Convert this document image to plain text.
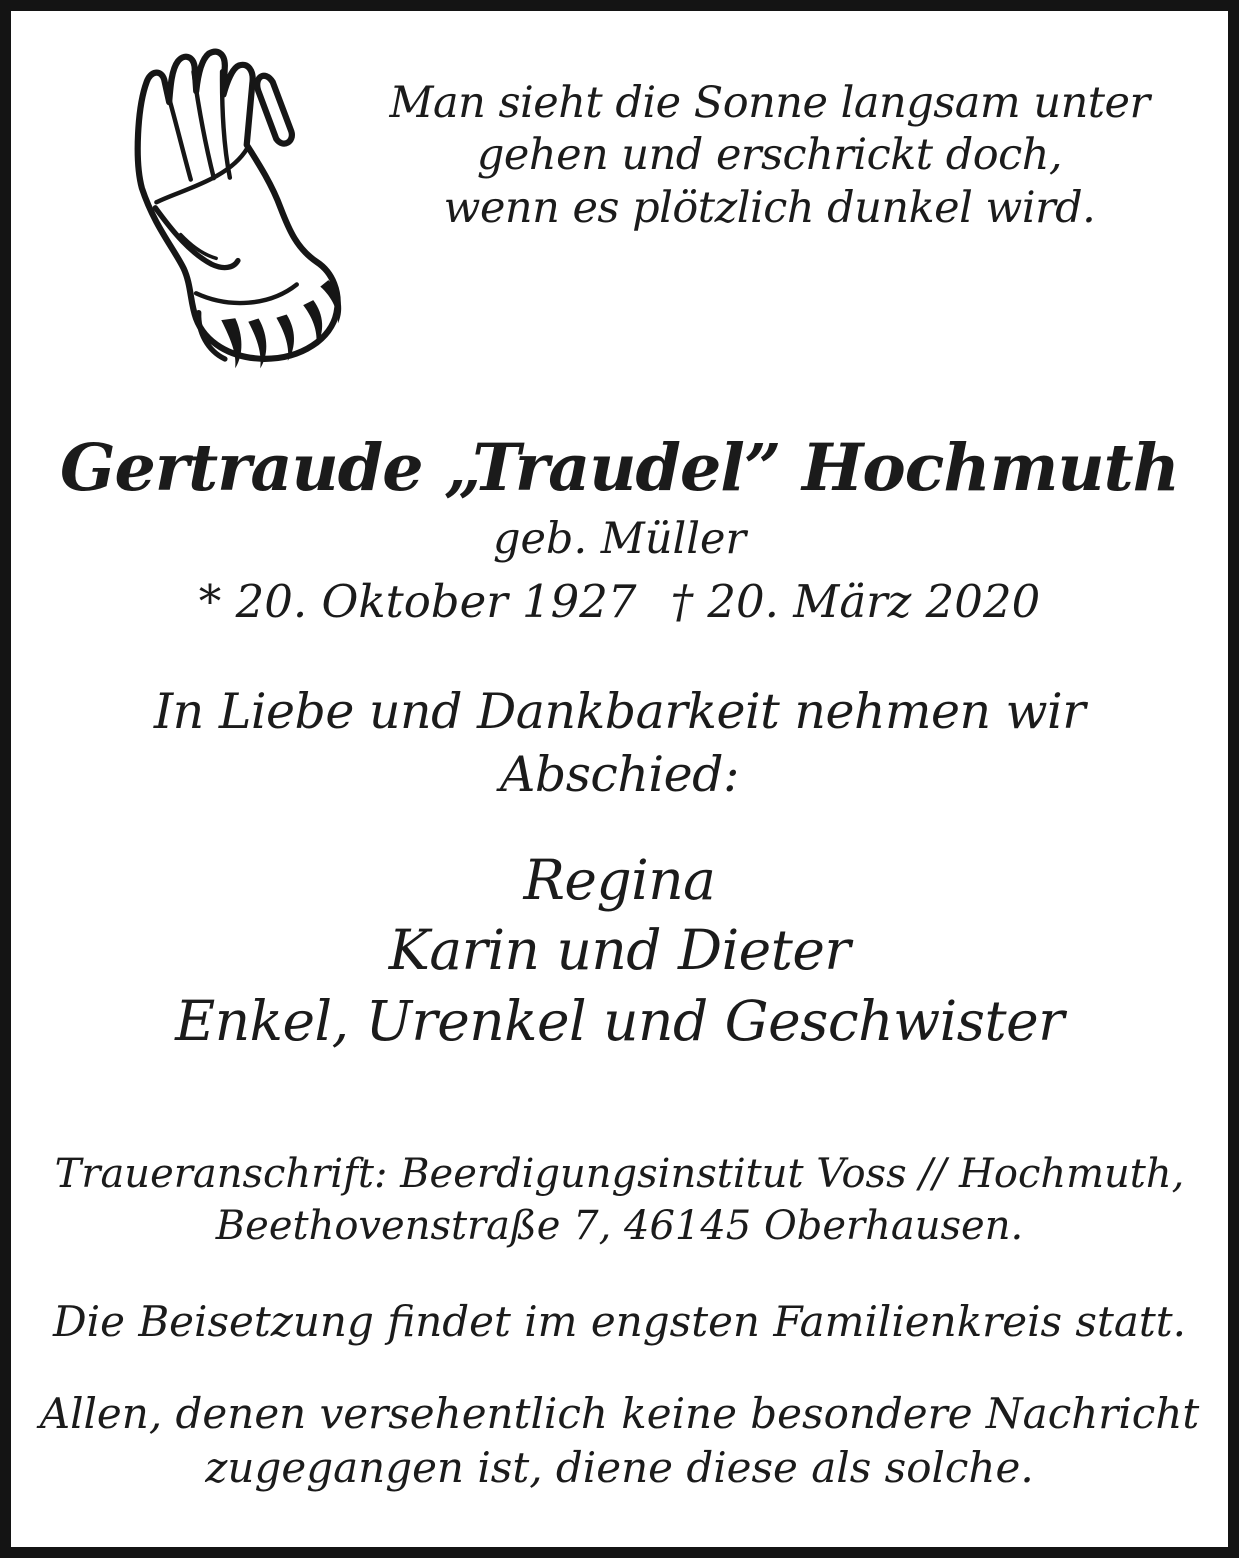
Man sieht die Sonne langsam unter

gehen und erschrickt doch,

wenn es plötzlich dunkel wird.

Gertraude „Traudel” Hochmuth
geb. Müller
* 20. Oktober 1927 † 20. März 2020

In Liebe und Dankbarkeit nehmen wir

Abschied:

Regina

Karin und Dieter

Enkel, Urenkel und Geschwister

Traueranschrift: Beerdigungsinstitut Voss // Hochmuth,

Beethovenstraße 7, 46145 Oberhausen.

Die Beisetzung findet im engsten Familienkreis statt.

Allen, denen versehentlich keine besondere Nachricht

zugegangen ist, diene diese als solche.
